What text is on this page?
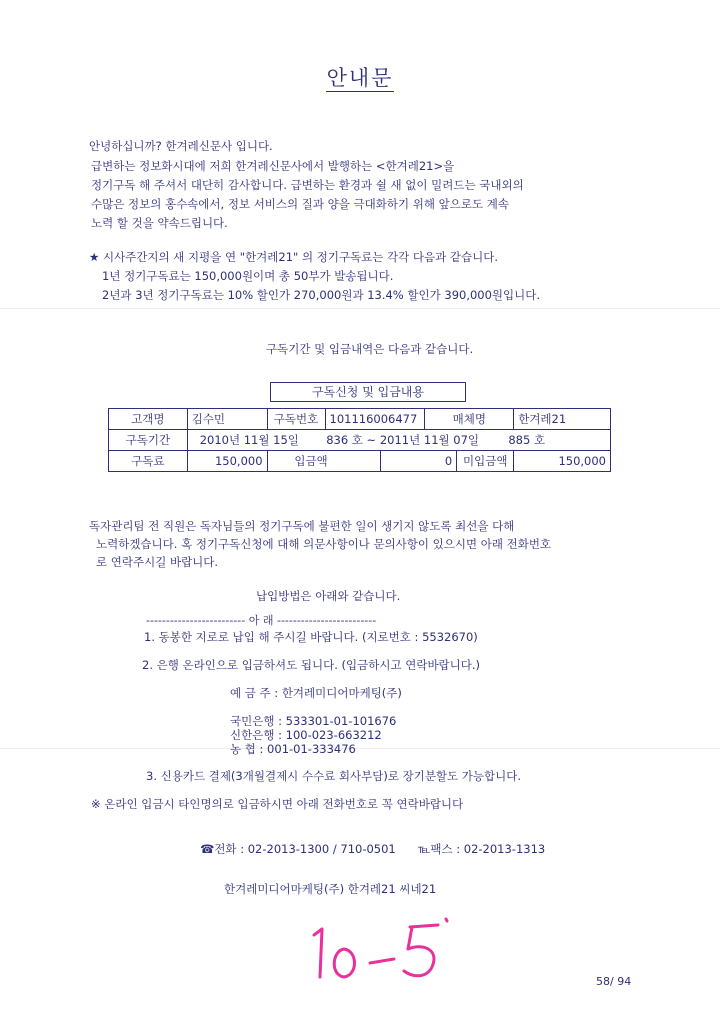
안내문
안녕하십니까? 한겨레신문사 입니다.
급변하는 정보화시대에 저희 한겨레신문사에서 발행하는 <한겨레21>을
정기구독 해 주셔서 대단히 감사합니다. 급변하는 환경과 쉴 새 없이 밀려드는 국내외의
수많은 정보의 홍수속에서, 정보 서비스의 질과 양을 극대화하기 위해 앞으로도 계속
노력 할 것을 약속드립니다.
★ 시사주간지의 새 지평을 연 "한겨레21" 의 정기구독료는 각각 다음과 같습니다.
1년 정기구독료는 150,000원이며 총 50부가 발송됩니다.
2년과 3년 정기구독료는 10% 할인가 270,000원과 13.4% 할인가 390,000원입니다.
구독기간 및 입금내역은 다음과 같습니다.
구독신청 및 입금내용
고객명	김수민	구독번호	101116006477		매체명		한겨레21
구독기간	2010년 11월 15일 836 호 ~ 2011년 11월 07일 885 호						
구독료	150,000	입금액		0		미입금액	150,000
독자관리팀 전 직원은 독자님들의 정기구독에 불편한 일이 생기지 않도록 최선을 다해
노력하겠습니다. 혹 정기구독신청에 대해 의문사항이나 문의사항이 있으시면 아래 전화번호
로 연락주시길 바랍니다.
납입방법은 아래와 같습니다.
------------------------- 아 래 -------------------------
1. 동봉한 지로로 납입 해 주시길 바랍니다. (지로번호 : 5532670)
2. 은행 온라인으로 입금하셔도 됩니다. (입금하시고 연락바랍니다.)
예 금 주 : 한겨레미디어마케팅(주)
국민은행 : 533301-01-101676
신한은행 : 100-023-663212
농 협 : 001-01-333476
3. 신용카드 결제(3개월결제시 수수료 회사부담)로 장기분할도 가능합니다.
※ 온라인 입금시 타인명의로 입금하시면 아래 전화번호로 꼭 연락바랍니다
☎전화 : 02-2013-1300 / 710-0501 ℡팩스 : 02-2013-1313
한겨레미디어마케팅(주) 한겨레21 씨네21
58/ 94
